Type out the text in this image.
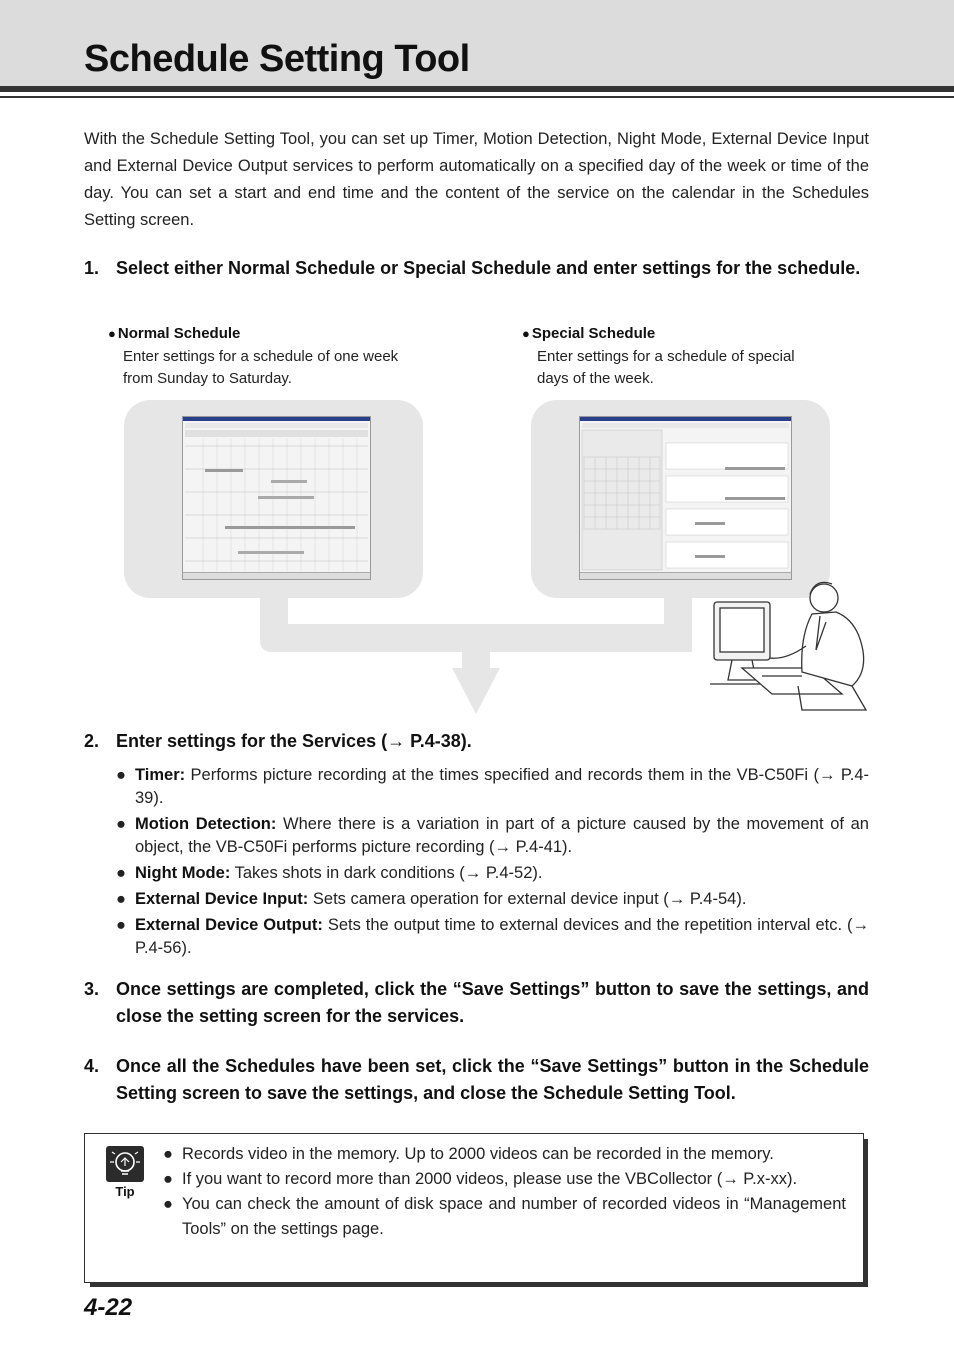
Schedule Setting Tool

With the Schedule Setting Tool, you can set up Timer, Motion Detection, Night Mode, External Device Input and External Device Output services to perform automatically on a specified day of the week or time of the day. You can set a start and end time and the content of the service on the calendar in the Schedules Setting screen.

1. Select either Normal Schedule or Special Schedule and enter settings for the schedule.
● Normal Schedule

Enter settings for a schedule of one week from Sunday to Saturday.

● Special Schedule

Enter settings for a schedule of special days of the week.

2. Enter settings for the Services (→ P.4-38).
● Timer: Performs picture recording at the times specified and records them in the VB-C50Fi (→ P.4-39).
● Motion Detection: Where there is a variation in part of a picture caused by the movement of an object, the VB-C50Fi performs picture recording (→ P.4-41).
● Night Mode: Takes shots in dark conditions (→ P.4-52).
● External Device Input: Sets camera operation for external device input (→ P.4-54).
● External Device Output: Sets the output time to external devices and the repetition interval etc. (→ P.4-56).
3. Once settings are completed, click the “Save Settings” button to save the settings, and close the setting screen for the services.
4. Once all the Schedules have been set, click the “Save Settings” button in the Schedule Setting screen to save the settings, and close the Schedule Setting Tool.
Tip
● Records video in the memory. Up to 2000 videos can be recorded in the memory.
● If you want to record more than 2000 videos, please use the VBCollector (→ P.x-xx).
● You can check the amount of disk space and number of recorded videos in “Management Tools” on the settings page.
4-22
